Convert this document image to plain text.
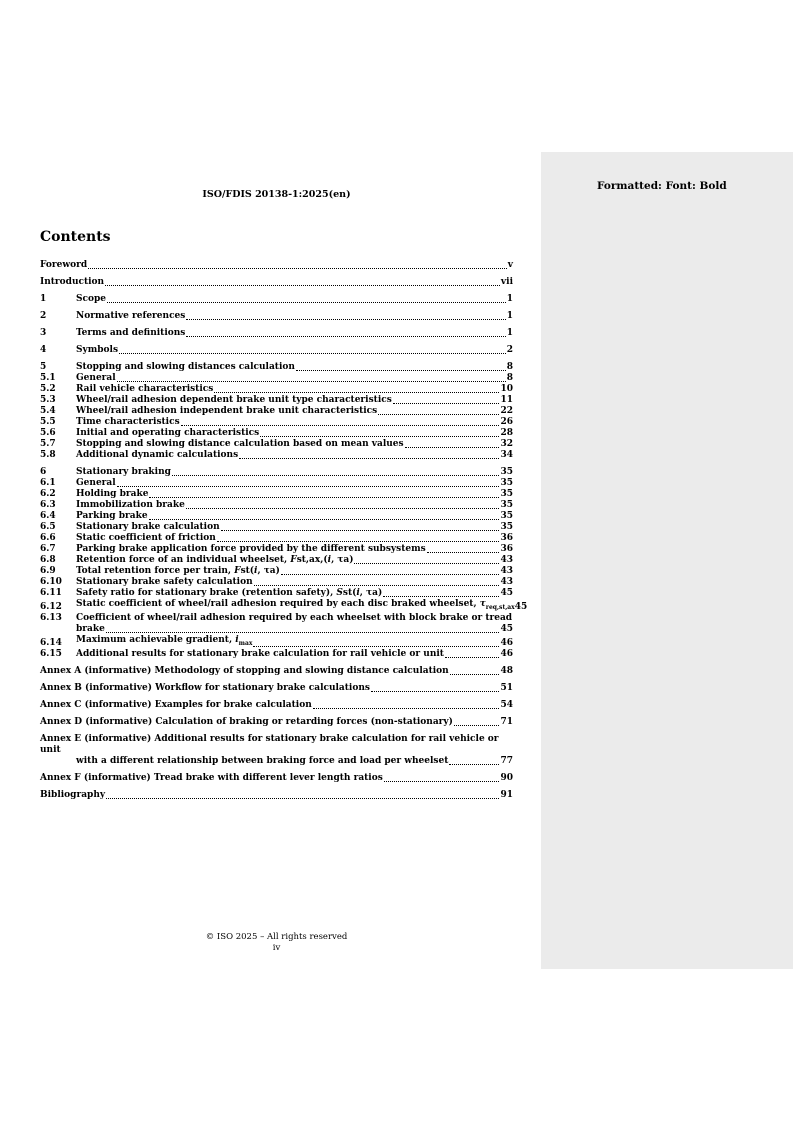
Formatted: Font: Bold
ISO/FDIS 20138-1:2025(en)
Contents
Foreword	v
Introduction	vii
1	Scope	1
2	Normative references	1
3	Terms and definitions	1
4	Symbols	2
5	Stopping and slowing distances calculation	8
5.1	General	8
5.2	Rail vehicle characteristics	10
5.3	Wheel/rail adhesion dependent brake unit type characteristics	11
5.4	Wheel/rail adhesion independent brake unit characteristics	22
5.5	Time characteristics	26
5.6	Initial and operating characteristics	28
5.7	Stopping and slowing distance calculation based on mean values	32
5.8	Additional dynamic calculations	34
6	Stationary braking	35
6.1	General	35
6.2	Holding brake	35
6.3	Immobilization brake	35
6.4	Parking brake	35
6.5	Stationary brake calculation	35
6.6	Static coefficient of friction	36
6.7	Parking brake application force provided by the different subsystems	36
6.8	Retention force of an individual wheelset, Fst,ax,(i, τa)	43
6.9	Total retention force per train, Fst(i, τa)	43
6.10	Stationary brake safety calculation	43
6.11	Safety ratio for stationary brake (retention safety), Sst(i, τa)	45
6.12	Static coefficient of wheel/rail adhesion required by each disc braked wheelset, $\tau_{req,st,ax}$ 45
6.13	Coefficient of wheel/rail adhesion required by each wheelset with block brake or tread
brake	45
6.14	Maximum achievable gradient, $i_{max}$	46
6.15	Additional results for stationary brake calculation for rail vehicle or unit	46
Annex A (informative) Methodology of stopping and slowing distance calculation	48
Annex B (informative) Workflow for stationary brake calculations	51
Annex C (informative) Examples for brake calculation	54
Annex D (informative) Calculation of braking or retarding forces (non-stationary)	71
Annex E (informative) Additional results for stationary brake calculation for rail vehicle or unit
with a different relationship between braking force and load per wheelset	77
Annex F (informative) Tread brake with different lever length ratios	90
Bibliography	91
© ISO 2025 – All rights reserved
iv
